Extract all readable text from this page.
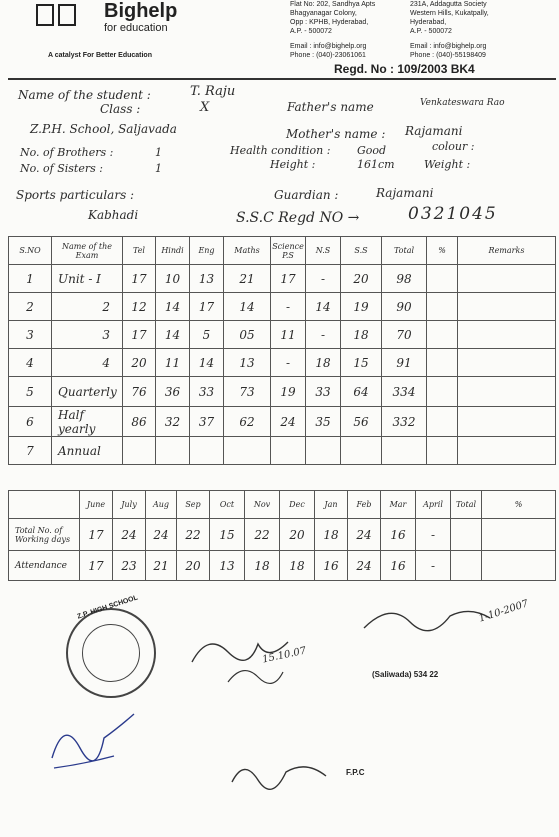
Bighelp
for education
A catalyst For Better Education
Flat No: 202, Sandhya Apts
Bhagyanagar Colony,
Opp : KPHB, Hyderabad,
A.P. - 500072
231A, Addagutta Society
Western Hills, Kukatpally,
Hyderabad,
A.P. - 500072
Email : info@bighelp.org
Phone : (040)-23061061
Email : info@bighelp.org
Phone : (040)-55198409
Regd. No : 109/2003 BK4
Name of the student :	T. Raju
Class :	X
Z.P.H. School, Saljavada
Father's name	Venkateswara Rao
Mother's name : Rajamani
No. of Brothers :	1
No. of Sisters :	1
Health condition : Good	colour :
Height :	161cm	Weight :
Sports particulars :
Kabhadi
Guardian :	Rajamani
S.S.C Regd NO →	0321045
S.NO	Name of the Exam	Tel	Hindi	Eng	Maths	Science P.S	N.S	S.S	Total	%	Remarks
1	Unit - I	17	10	13	21	17	-	20	98		
2	2	12	14	17	14	-	14	19	90		
3	3	17	14	5	05	11	-	18	70		
4	4	20	11	14	13	-	18	15	91		
5	Quarterly	76	36	33	73	19	33	64	334		
6	Half yearly	86	32	37	62	24	35	56	332		
7	Annual										
	June	July	Aug	Sep	Oct	Nov	Dec	Jan	Feb	Mar	April	Total	%
Total No. of Working days	17	24	24	22	15	22	20	18	24	16	-		
Attendance	17	23	21	20	13	18	18	16	24	16	-		
Z.P. HIGH SCHOOL
15.10.07
1-10-2007
(Saliwada) 534 22
F.P.C
